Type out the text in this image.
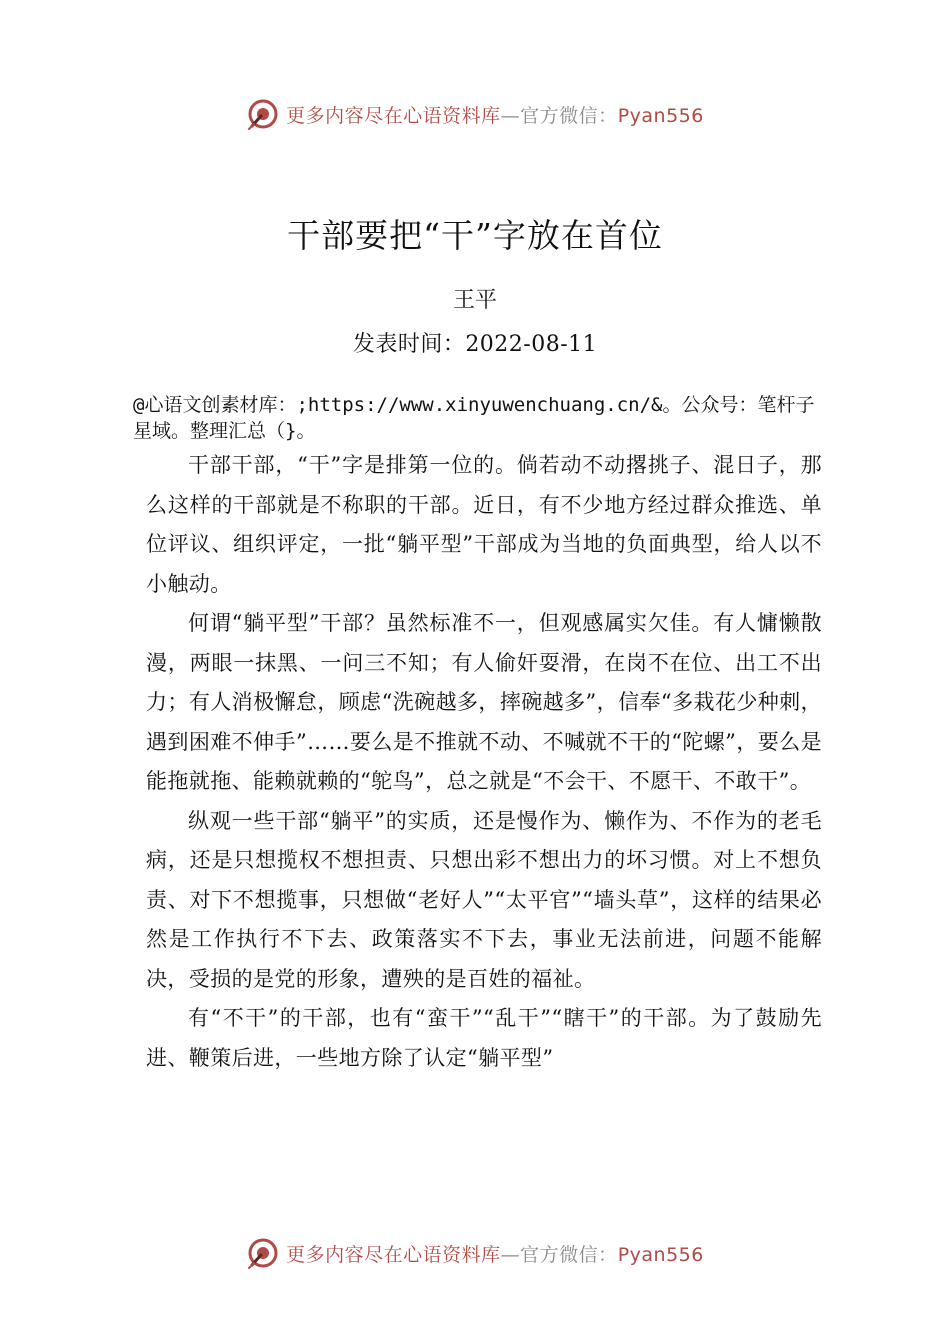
更多内容尽在心语资料库—官方微信：Pyan556
干部要把“干”字放在首位
王平
发表时间：2022-08-11
@心语文创素材库：;https://www.xinyuwenchuang.cn/&。公众号：笔杆子星域。整理汇总（}。

干部干部，“干”字是排第一位的。倘若动不动撂挑子、混日子，那么这样的干部就是不称职的干部。近日，有不少地方经过群众推选、单位评议、组织评定，一批“躺平型”干部成为当地的负面典型，给人以不小触动。

何谓“躺平型”干部？虽然标准不一，但观感属实欠佳。有人慵懒散漫，两眼一抹黑、一问三不知；有人偷奸耍滑，在岗不在位、出工不出力；有人消极懈怠，顾虑“洗碗越多，摔碗越多”，信奉“多栽花少种刺，遇到困难不伸手”……要么是不推就不动、不喊就不干的“陀螺”，要么是能拖就拖、能赖就赖的“鸵鸟”，总之就是“不会干、不愿干、不敢干”。

纵观一些干部“躺平”的实质，还是慢作为、懒作为、不作为的老毛病，还是只想揽权不想担责、只想出彩不想出力的坏习惯。对上不想负责、对下不想揽事，只想做“老好人”“太平官”“墙头草”，这样的结果必然是工作执行不下去、政策落实不下去，事业无法前进，问题不能解决，受损的是党的形象，遭殃的是百姓的福祉。

有“不干”的干部，也有“蛮干”“乱干”“瞎干”的干部。为了鼓励先进、鞭策后进，一些地方除了认定“躺平型”

更多内容尽在心语资料库—官方微信：Pyan556
